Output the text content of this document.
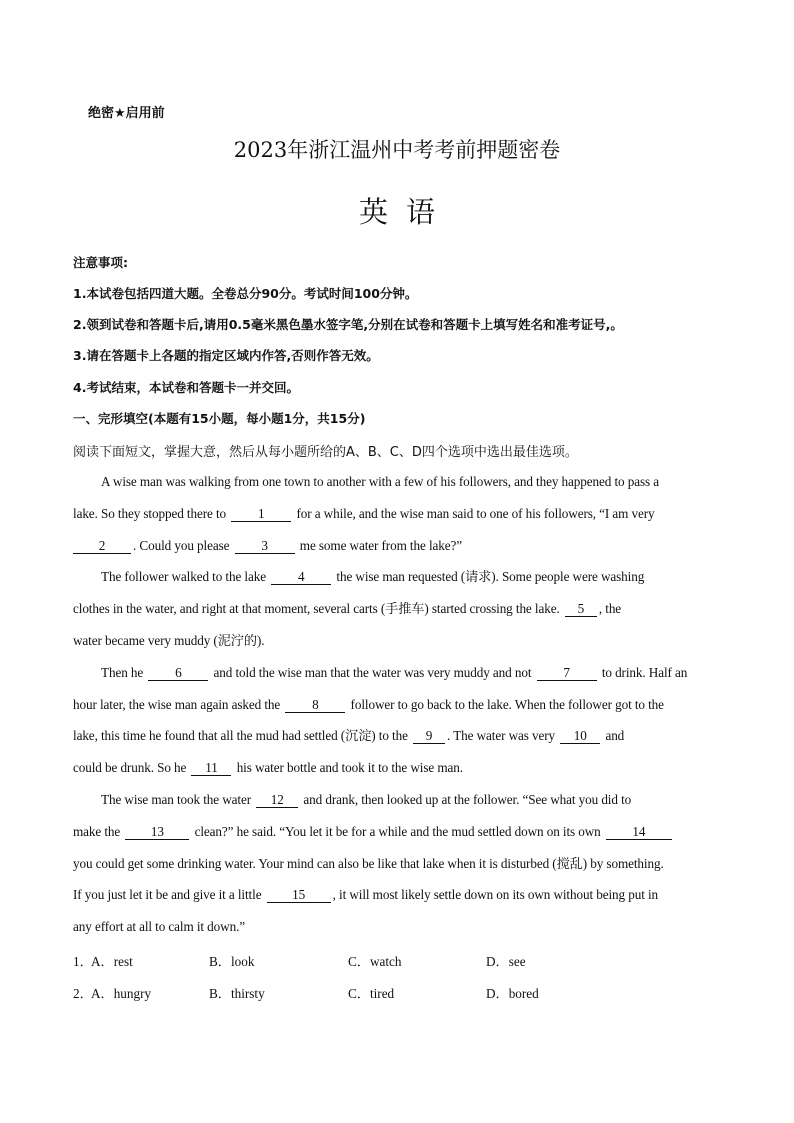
绝密★启用前
2023年浙江温州中考考前押题密卷
英语
注意事项:
1.本试卷包括四道大题。全卷总分90分。考试时间100分钟。
2.领到试卷和答题卡后,请用0.5毫米黑色墨水签字笔,分别在试卷和答题卡上填写姓名和准考证号,。
3.请在答题卡上各题的指定区域内作答,否则作答无效。
4.考试结束，本试卷和答题卡一并交回。
一、完形填空(本题有15小题，每小题1分，共15分)
阅读下面短文，掌握大意，然后从每小题所给的A、B、C、D四个选项中选出最佳选项。
A wise man was walking from one town to another with a few of his followers, and they happened to pass a
lake. So they stopped there to 1 for a while, and the wise man said to one of his followers, “I am very
2 . Could you please 3 me some water from the lake?”
The follower walked to the lake 4 the wise man requested (请求). Some people were washing
clothes in the water, and right at that moment, several carts (手推车) started crossing the lake. 5 , the
water became very muddy (泥泞的).
Then he 6 and told the wise man that the water was very muddy and not 7 to drink. Half an
hour later, the wise man again asked the 8 follower to go back to the lake. When the follower got to the
lake, this time he found that all the mud had settled (沉淀) to the 9 . The water was very 10 and
could be drunk. So he 11 his water bottle and took it to the wise man.
The wise man took the water 12 and drank, then looked up at the follower. “See what you did to
make the 13 clean?” he said. “You let it be for a while and the mud settled down on its own 14
you could get some drinking water. Your mind can also be like that lake when it is disturbed (搅乱) by something.
If you just let it be and give it a little 15 , it will most likely settle down on its own without being put in
any effort at all to calm it down.”
1．
A．rest	B．look	C．watch	D．see
2．
A．hungry	B．thirsty	C．tired	D．bored
